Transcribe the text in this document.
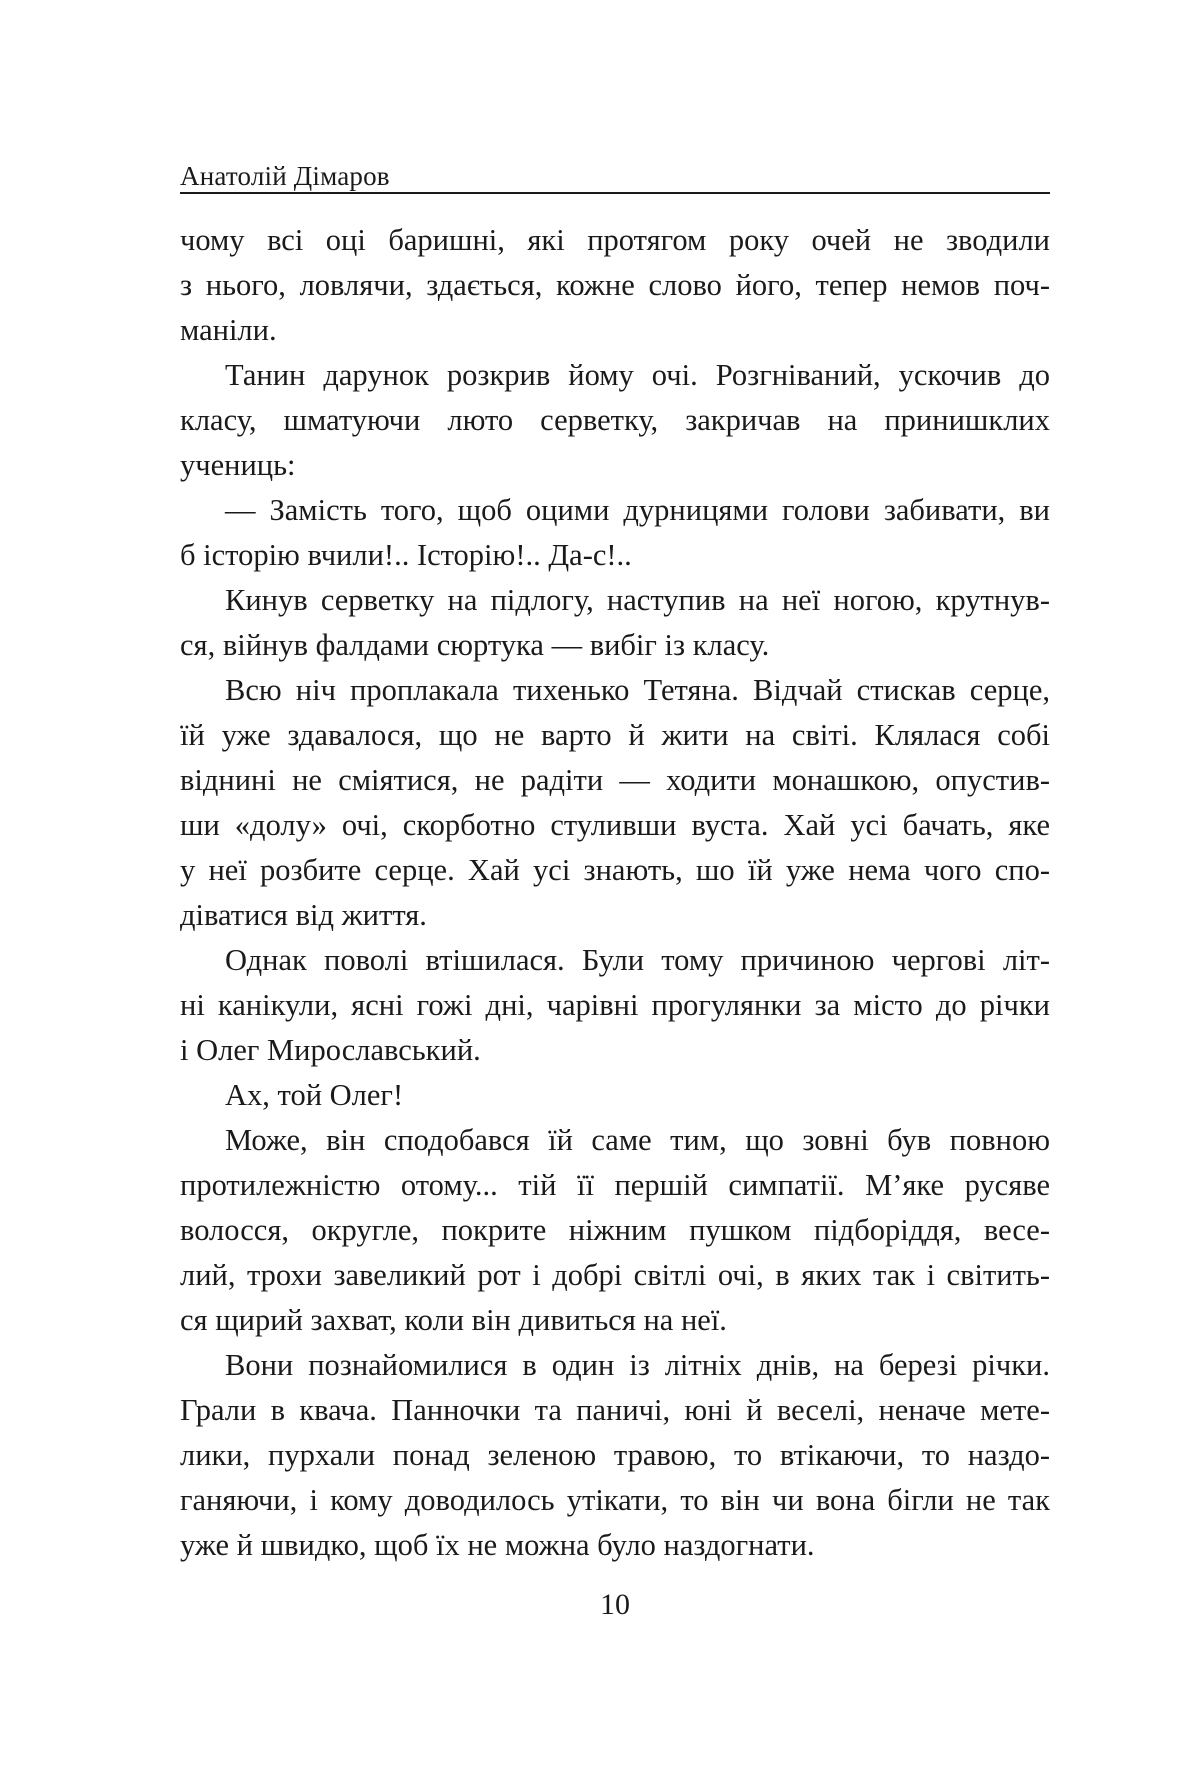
Анатолій Дімаров
чому всі оці баришні, які протягом року очей не зводили
з нього, ловлячи, здається, кожне слово його, тепер немов поч-
маніли.
Танин дарунок розкрив йому очі. Розгніваний, ускочив до
класу, шматуючи люто серветку, закричав на принишклих
учениць:
— Замість того, щоб оцими дурницями голови забивати, ви
б історію вчили!.. Історію!.. Да-с!..
Кинув серветку на підлогу, наступив на неї ногою, крутнув-
ся, війнув фалдами сюртука — вибіг із класу.
Всю ніч проплакала тихенько Тетяна. Відчай стискав серце,
їй уже здавалося, що не варто й жити на світі. Клялася собі
віднині не сміятися, не радіти — ходити монашкою, опустив-
ши «долу» очі, скорботно стуливши вуста. Хай усі бачать, яке
у неї розбите серце. Хай усі знають, шо їй уже нема чого спо-
діватися від життя.
Однак поволі втішилася. Були тому причиною чергові літ-
ні канікули, ясні гожі дні, чарівні прогулянки за місто до річки
і Олег Мирославський.
Ах, той Олег!
Може, він сподобався їй саме тим, що зовні був повною
протилежністю отому... тій її першій симпатії. М’яке русяве
волосся, округле, покрите ніжним пушком підборіддя, весе-
лий, трохи завеликий рот і добрі світлі очі, в яких так і світить-
ся щирий захват, коли він дивиться на неї.
Вони познайомилися в один із літніх днів, на березі річки.
Грали в квача. Панночки та паничі, юні й веселі, неначе мете-
лики, пурхали понад зеленою травою, то втікаючи, то наздо-
ганяючи, і кому доводилось утікати, то він чи вона бігли не так
уже й швидко, щоб їх не можна було наздогнати.
10
